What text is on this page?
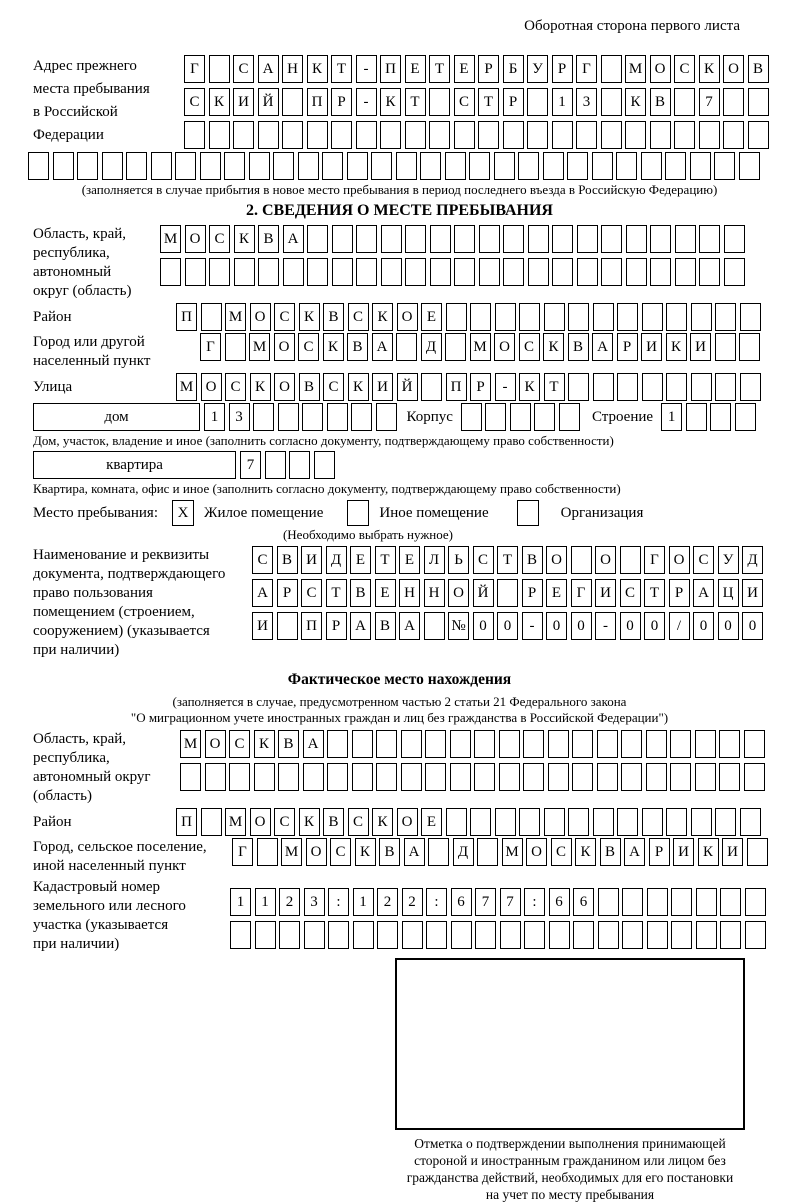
Оборотная сторона первого листа
Адрес прежнего
места пребывания
в Российской
Федерации
Г	С А Н К Т	-	П Е	Т	Е	Р	Б У	Р	Г	М О С К О В
С К И Й	П Р	-	К Т	С Т	Р	1	3	К В	7
(заполняется в случае прибытия в новое место пребывания в период последнего въезда в Российскую Федерацию)
2. СВЕДЕНИЯ О МЕСТЕ ПРЕБЫВАНИЯ
Область, край,
республика,
автономный
округ (область)
М О С К В А
Район	П	М О С К В С К О Е
Город или другой
населенный пункт
Г	М О С К В А	Д	М О С К В А Р И К И
Улица	М О С К О В С К И Й	П Р	-	К Т
дом	1	3	Корпус	Строение 1
Дом, участок, владение и иное (заполнить согласно документу, подтверждающему право собственности)
квартира	7
Квартира, комната, офис и иное (заполнить согласно документу, подтверждающему право собственности)
Место пребывания:	X	Жилое помещение	Иное помещение	Организация
(Необходимо выбрать нужное)
Наименование и реквизиты
документа, подтверждающего
право пользования
помещением (строением,
сооружением) (указывается
при наличии)
С В И Д Е	Т	Е Л	Ь	С Т В О	О	Г О С У Д
А Р	С Т В Е Н Н О Й	Р	Е	Г И С Т	Р А Ц И
И	П Р А В А	№ 0	0	-	0	0	-	0	0	/	0	0	0
Фактическое место нахождения
(заполняется в случае, предусмотренном частью 2 статьи 21 Федерального закона
"О миграционном учете иностранных граждан и лиц без гражданства в Российской Федерации")
Область, край,
республика,
автономный округ
(область)
М О С К В А
Район	П	М О С К В С К О Е
Город, сельское поселение,
иной населенный пункт
Г	М О С К В А	Д	М О С К В А Р И К И
Кадастровый номер
земельного или лесного
участка (указывается
при наличии)
1	1	2	3	:	1	2	2	:	6	7	7	:	6	6
Отметка о подтверждении выполнения принимающей
стороной и иностранным гражданином или лицом без
гражданства действий, необходимых для его постановки
на учет по месту пребывания
